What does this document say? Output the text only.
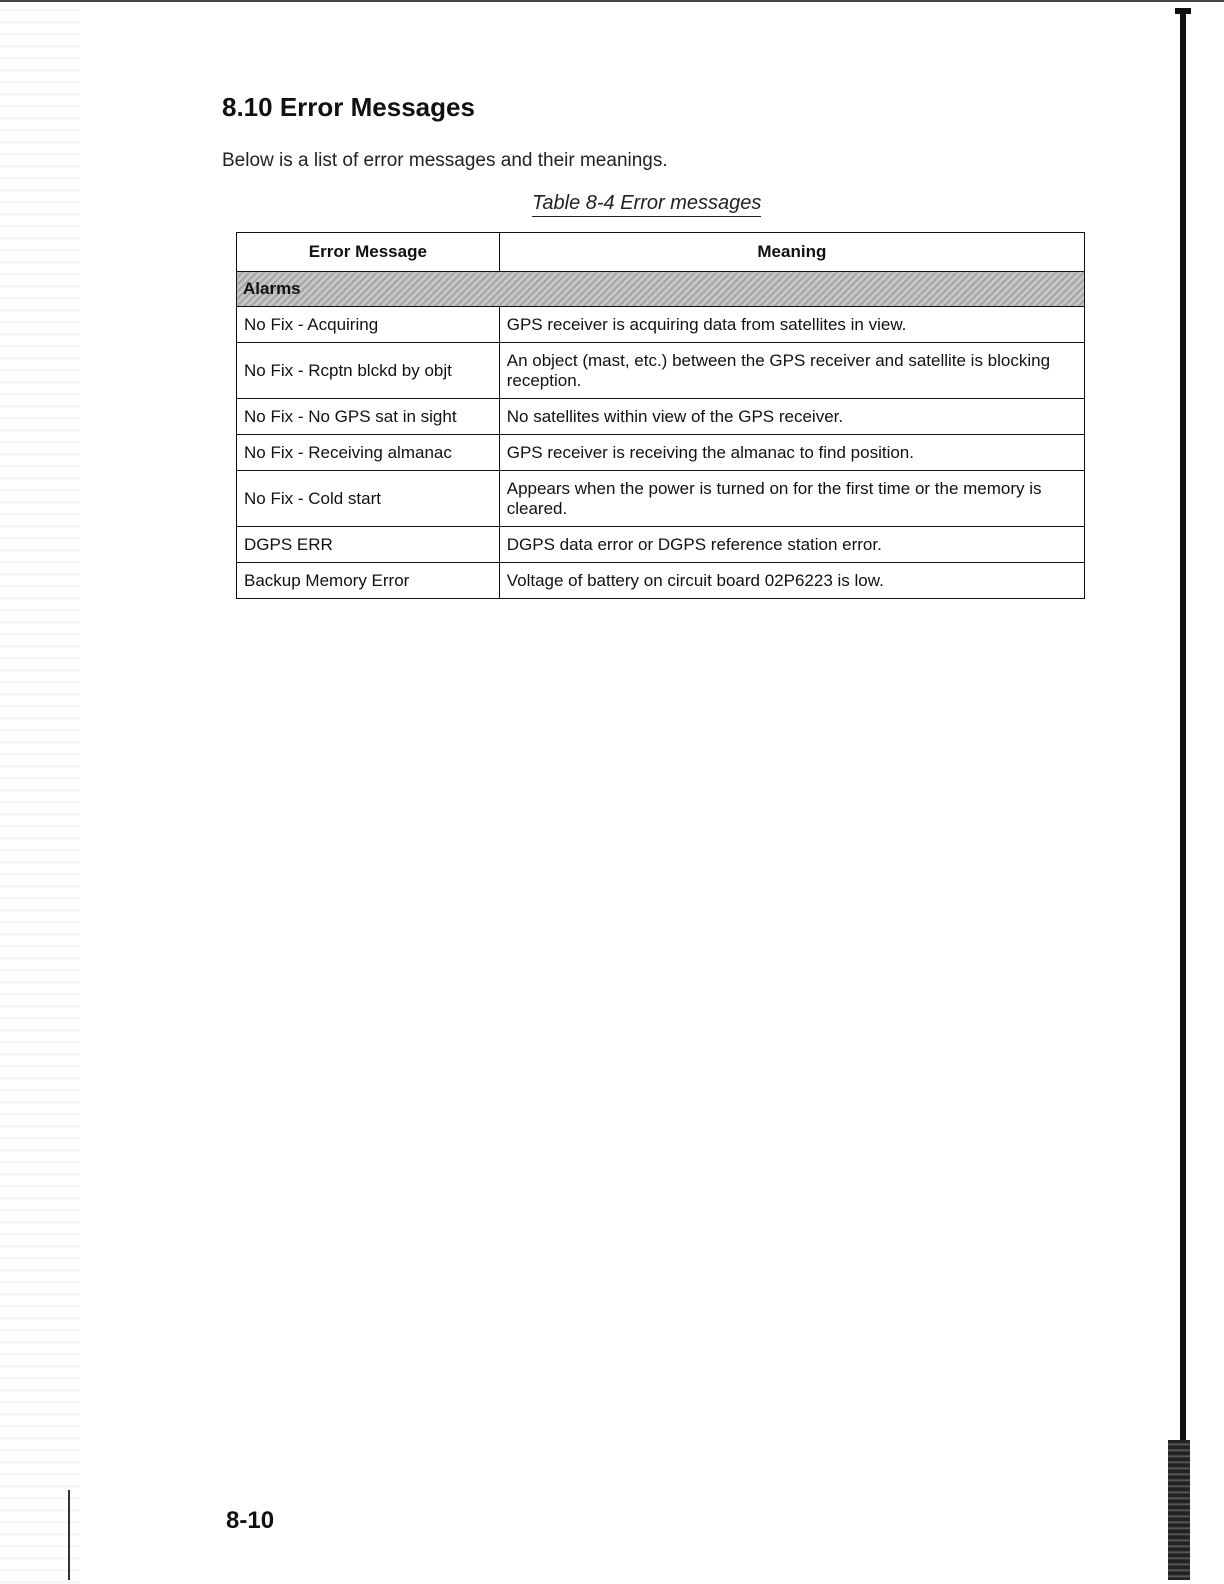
8.10 Error Messages
Below is a list of error messages and their meanings.
Table 8-4 Error messages
Error Message	Meaning
Alarms	
No Fix - Acquiring	GPS receiver is acquiring data from satellites in view.
No Fix - Rcptn blckd by objt	An object (mast, etc.) between the GPS receiver and satellite is blocking reception.
No Fix - No GPS sat in sight	No satellites within view of the GPS receiver.
No Fix - Receiving almanac	GPS receiver is receiving the almanac to find position.
No Fix - Cold start	Appears when the power is turned on for the first time or the memory is cleared.
DGPS ERR	DGPS data error or DGPS reference station error.
Backup Memory Error	Voltage of battery on circuit board 02P6223 is low.
8-10
